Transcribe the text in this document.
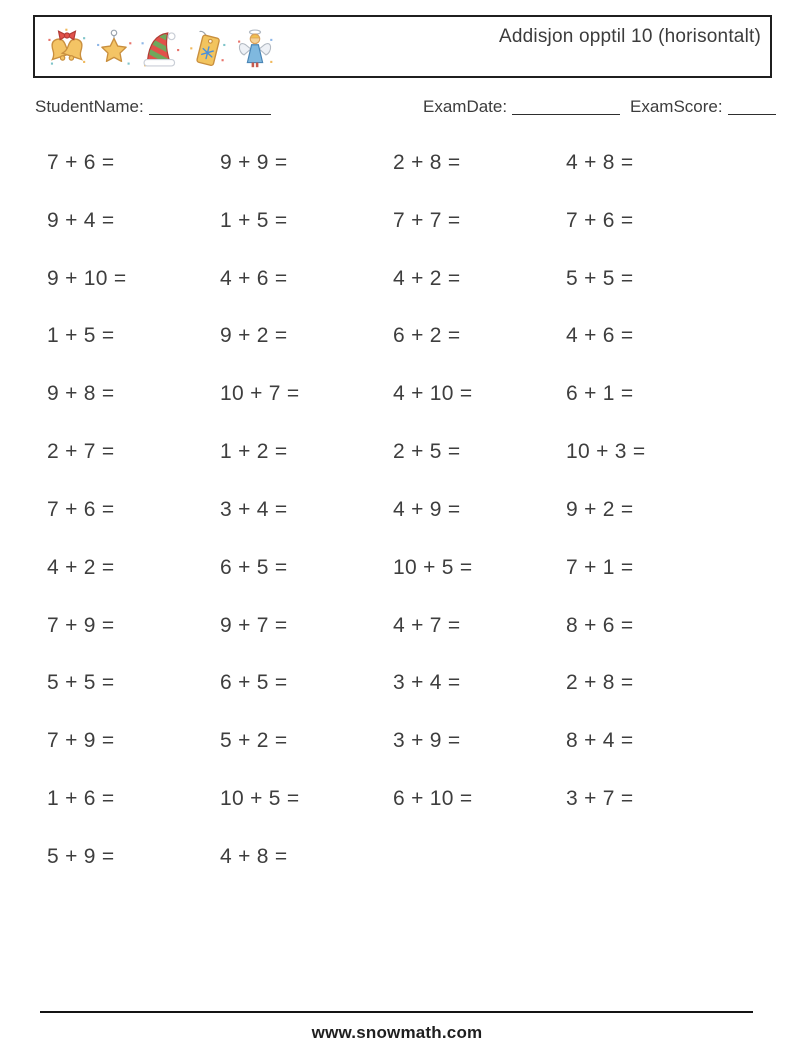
Addisjon opptil 10 (horisontalt)
StudentName:	ExamDate:	ExamScore:
7 + 6 =	9 + 9 =	2 + 8 =	4 + 8 =
9 + 4 =	1 + 5 =	7 + 7 =	7 + 6 =
9 + 10 =	4 + 6 =	4 + 2 =	5 + 5 =
1 + 5 =	9 + 2 =	6 + 2 =	4 + 6 =
9 + 8 =	10 + 7 =	4 + 10 =	6 + 1 =
2 + 7 =	1 + 2 =	2 + 5 =	10 + 3 =
7 + 6 =	3 + 4 =	4 + 9 =	9 + 2 =
4 + 2 =	6 + 5 =	10 + 5 =	7 + 1 =
7 + 9 =	9 + 7 =	4 + 7 =	8 + 6 =
5 + 5 =	6 + 5 =	3 + 4 =	2 + 8 =
7 + 9 =	5 + 2 =	3 + 9 =	8 + 4 =
1 + 6 =	10 + 5 =	6 + 10 =	3 + 7 =
5 + 9 =	4 + 8 =
www.snowmath.com
